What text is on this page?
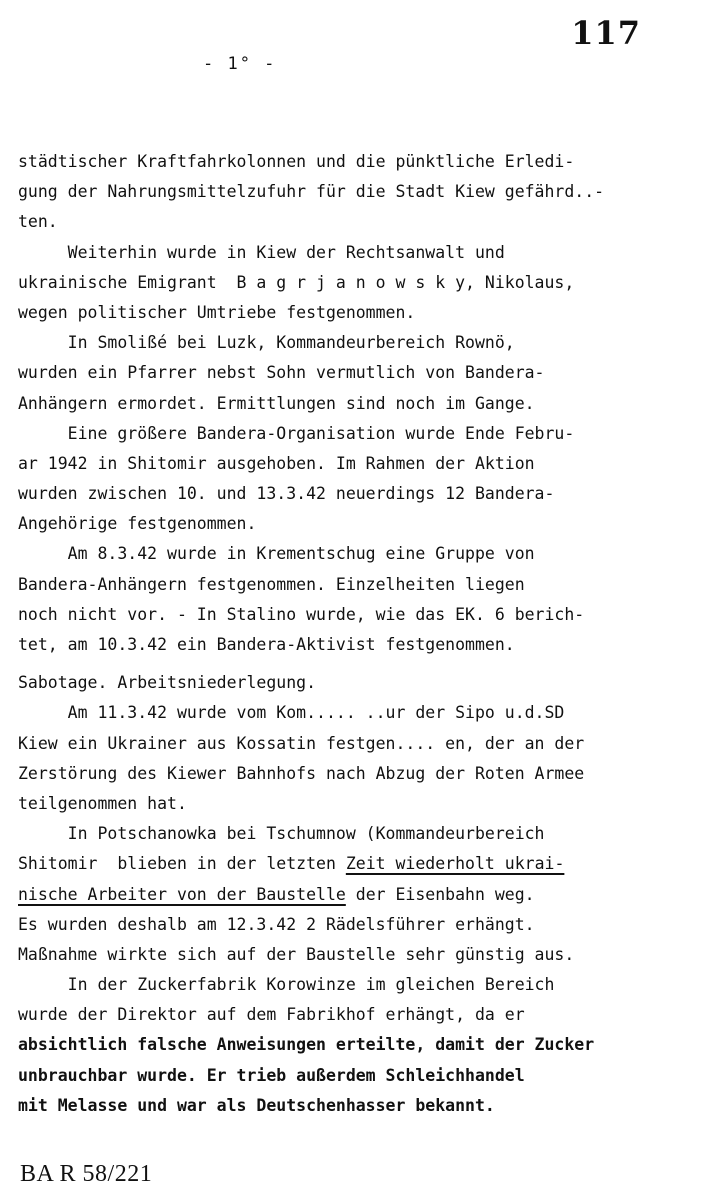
117
- 1° -
städtischer Kraftfahrkolonnen und die pünktliche Erledi-
gung der Nahrungsmittelzufuhr für die Stadt Kiew gefährd..-
ten.
Weiterhin wurde in Kiew der Rechtsanwalt und
ukrainische Emigrant  B a g r j a n o w s k y, Nikolaus,
wegen politischer Umtriebe festgenommen.
In Smolißé bei Luzk, Kommandeurbereich Rownö,
wurden ein Pfarrer nebst Sohn vermutlich von Bandera-
Anhängern ermordet. Ermittlungen sind noch im Gange.
Eine größere Bandera-Organisation wurde Ende Febru-
ar 1942 in Shitomir ausgehoben. Im Rahmen der Aktion
wurden zwischen 10. und 13.3.42 neuerdings 12 Bandera-
Angehörige festgenommen.
Am 8.3.42 wurde in Krementschug eine Gruppe von
Bandera-Anhängern festgenommen. Einzelheiten liegen
noch nicht vor. - In Stalino wurde, wie das EK. 6 berich-
tet, am 10.3.42 ein Bandera-Aktivist festgenommen.
Sabotage. Arbeitsniederlegung.
Am 11.3.42 wurde vom Kom..... ..ur der Sipo u.d.SD
Kiew ein Ukrainer aus Kossatin festgen.... en, der an der
Zerstörung des Kiewer Bahnhofs nach Abzug der Roten Armee
teilgenommen hat.
In Potschanowka bei Tschumnow (Kommandeurbereich
Shitomir  blieben in der letzten Zeit wiederholt ukrai-
nische Arbeiter von der Baustelle der Eisenbahn weg.
Es wurden deshalb am 12.3.42 2 Rädelsführer erhängt.
Maßnahme wirkte sich auf der Baustelle sehr günstig aus.
In der Zuckerfabrik Korowinze im gleichen Bereich
wurde der Direktor auf dem Fabrikhof erhängt, da er
absichtlich falsche Anweisungen erteilte, damit der Zucker
unbrauchbar wurde. Er trieb außerdem Schleichhandel
mit Melasse und war als Deutschenhasser bekannt.
BA R 58/221
